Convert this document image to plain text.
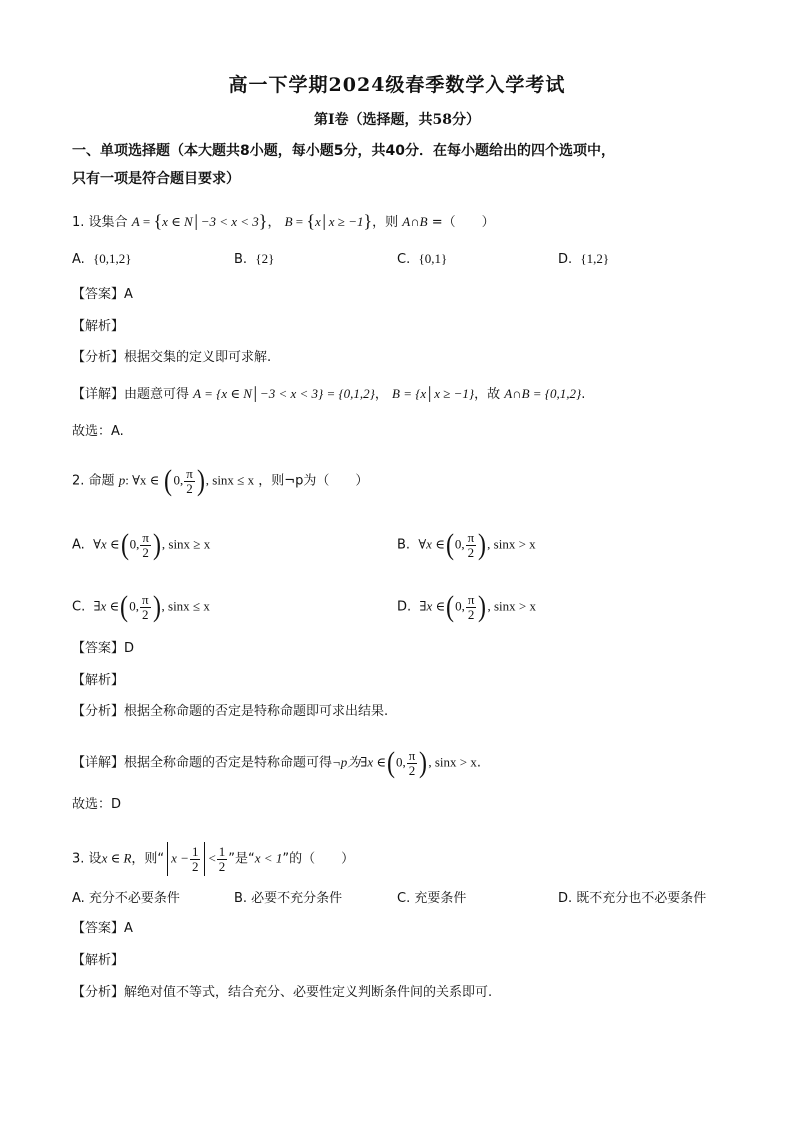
高一下学期2024级春季数学入学考试
第I卷（选择题，共58分）
一、单项选择题（本大题共8小题，每小题5分，共40分．在每小题给出的四个选项中，
只有一项是符合题目要求）
1. 设集合 A = {x ∈ N│−3 < x < 3}， B = {x│x ≥ −1}，则 A∩B =（　　）
A. {0,1,2}	B. {2}	C. {0,1}	D. {1,2}
【答案】A
【解析】
【分析】根据交集的定义即可求解.
【详解】由题意可得 A = {x ∈ N│−3 < x < 3} = {0,1,2}， B = {x│x ≥ −1}，故 A∩B = {0,1,2}.
故选：A.
2. 命题 p: ∀x ∈ (0, $\frac{\pi}{2}$ ), sinx ≤ x ，则¬p为（　　）
A. ∀x ∈(0, $\frac{\pi}{2}$ ), sinx ≥ x	B. ∀x ∈(0, $\frac{\pi}{2}$ ), sinx > x
C. ∃x ∈(0, $\frac{\pi}{2}$ ), sinx ≤ x	D. ∃x ∈(0, $\frac{\pi}{2}$ ), sinx > x
【答案】D
【解析】
【分析】根据全称命题的否定是特称命题即可求出结果.
【详解】根据全称命题的否定是特称命题可得¬p为∃x ∈(0, $\frac{\pi}{2}$ ), sinx > x.
故选：D
3. 设x ∈ R，则“ $x - \frac{1}{2} < \frac{1}{2}$ ”是“x < 1”的（　　）
A. 充分不必要条件	B. 必要不充分条件	C. 充要条件	D. 既不充分也不必要条件
【答案】A
【解析】
【分析】解绝对值不等式，结合充分、必要性定义判断条件间的关系即可.
